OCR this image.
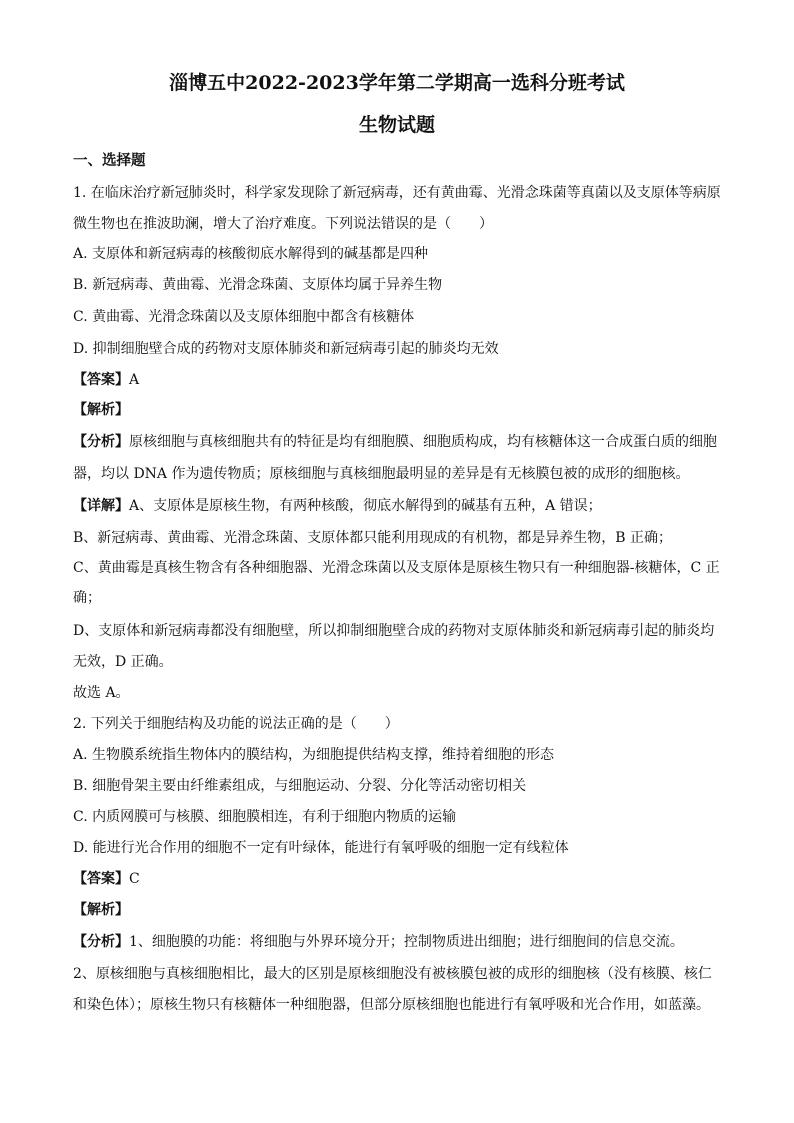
淄博五中2022-2023学年第二学期高一选科分班考试
生物试题
一、选择题
1. 在临床治疗新冠肺炎时，科学家发现除了新冠病毒，还有黄曲霉、光滑念珠菌等真菌以及支原体等病原
微生物也在推波助澜，增大了治疗难度。下列说法错误的是（　　）
A. 支原体和新冠病毒的核酸彻底水解得到的碱基都是四种
B. 新冠病毒、黄曲霉、光滑念珠菌、支原体均属于异养生物
C. 黄曲霉、光滑念珠菌以及支原体细胞中都含有核糖体
D. 抑制细胞壁合成的药物对支原体肺炎和新冠病毒引起的肺炎均无效
【答案】A
【解析】
【分析】原核细胞与真核细胞共有的特征是均有细胞膜、细胞质构成，均有核糖体这一合成蛋白质的细胞
器，均以 DNA 作为遗传物质；原核细胞与真核细胞最明显的差异是有无核膜包被的成形的细胞核。
【详解】A、支原体是原核生物，有两种核酸，彻底水解得到的碱基有五种，A 错误；
B、新冠病毒、黄曲霉、光滑念珠菌、支原体都只能利用现成的有机物，都是异养生物，B 正确；
C、黄曲霉是真核生物含有各种细胞器、光滑念珠菌以及支原体是原核生物只有一种细胞器-核糖体，C 正
确；
D、支原体和新冠病毒都没有细胞壁，所以抑制细胞壁合成的药物对支原体肺炎和新冠病毒引起的肺炎均
无效，D 正确。
故选 A。
2. 下列关于细胞结构及功能的说法正确的是（　　）
A. 生物膜系统指生物体内的膜结构，为细胞提供结构支撑，维持着细胞的形态
B. 细胞骨架主要由纤维素组成，与细胞运动、分裂、分化等活动密切相关
C. 内质网膜可与核膜、细胞膜相连，有利于细胞内物质的运输
D. 能进行光合作用的细胞不一定有叶绿体，能进行有氧呼吸的细胞一定有线粒体
【答案】C
【解析】
【分析】1、细胞膜的功能：将细胞与外界环境分开；控制物质进出细胞；进行细胞间的信息交流。
2、原核细胞与真核细胞相比，最大的区别是原核细胞没有被核膜包被的成形的细胞核（没有核膜、核仁
和染色体）；原核生物只有核糖体一种细胞器，但部分原核细胞也能进行有氧呼吸和光合作用，如蓝藻。
